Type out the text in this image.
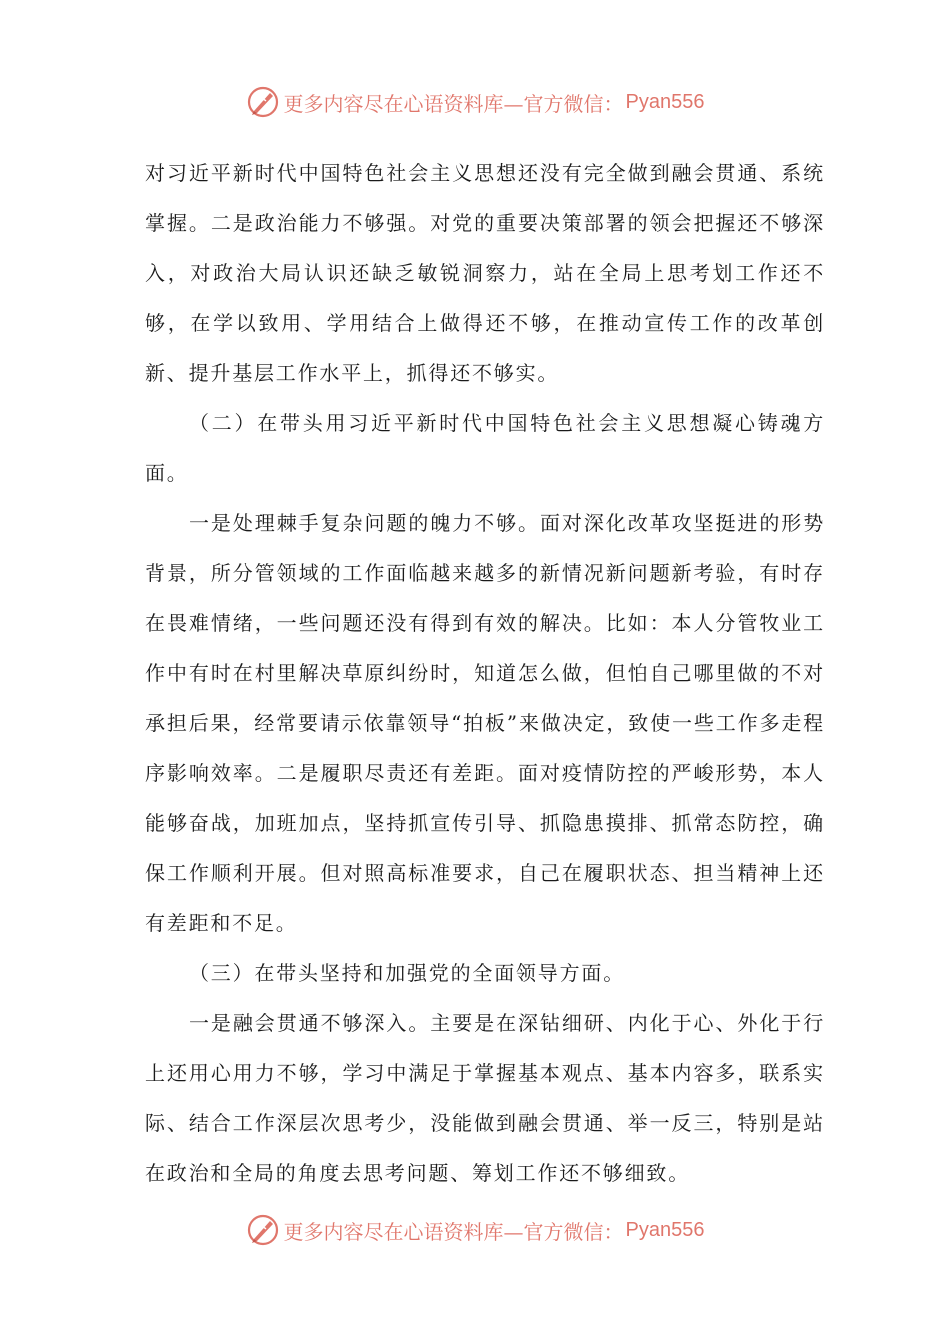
更多内容尽在心语资料库—官方微信： Pyan556

对习近平新时代中国特色社会主义思想还没有完全做到融会贯通、系统掌握。二是政治能力不够强。对党的重要决策部署的领会把握还不够深入，对政治大局认识还缺乏敏锐洞察力，站在全局上思考划工作还不够，在学以致用、学用结合上做得还不够，在推动宣传工作的改革创新、提升基层工作水平上，抓得还不够实。

（二）在带头用习近平新时代中国特色社会主义思想凝心铸魂方面。

一是处理棘手复杂问题的魄力不够。面对深化改革攻坚挺进的形势背景，所分管领域的工作面临越来越多的新情况新问题新考验，有时存在畏难情绪，一些问题还没有得到有效的解决。比如：本人分管牧业工作中有时在村里解决草原纠纷时，知道怎么做，但怕自己哪里做的不对承担后果，经常要请示依靠领导“拍板”来做决定，致使一些工作多走程序影响效率。二是履职尽责还有差距。面对疫情防控的严峻形势，本人能够奋战，加班加点，坚持抓宣传引导、抓隐患摸排、抓常态防控，确保工作顺利开展。但对照高标准要求，自己在履职状态、担当精神上还有差距和不足。

（三）在带头坚持和加强党的全面领导方面。

一是融会贯通不够深入。主要是在深钻细研、内化于心、外化于行上还用心用力不够，学习中满足于掌握基本观点、基本内容多，联系实际、结合工作深层次思考少，没能做到融会贯通、举一反三，特别是站在政治和全局的角度去思考问题、筹划工作还不够细致。

更多内容尽在心语资料库—官方微信： Pyan556
